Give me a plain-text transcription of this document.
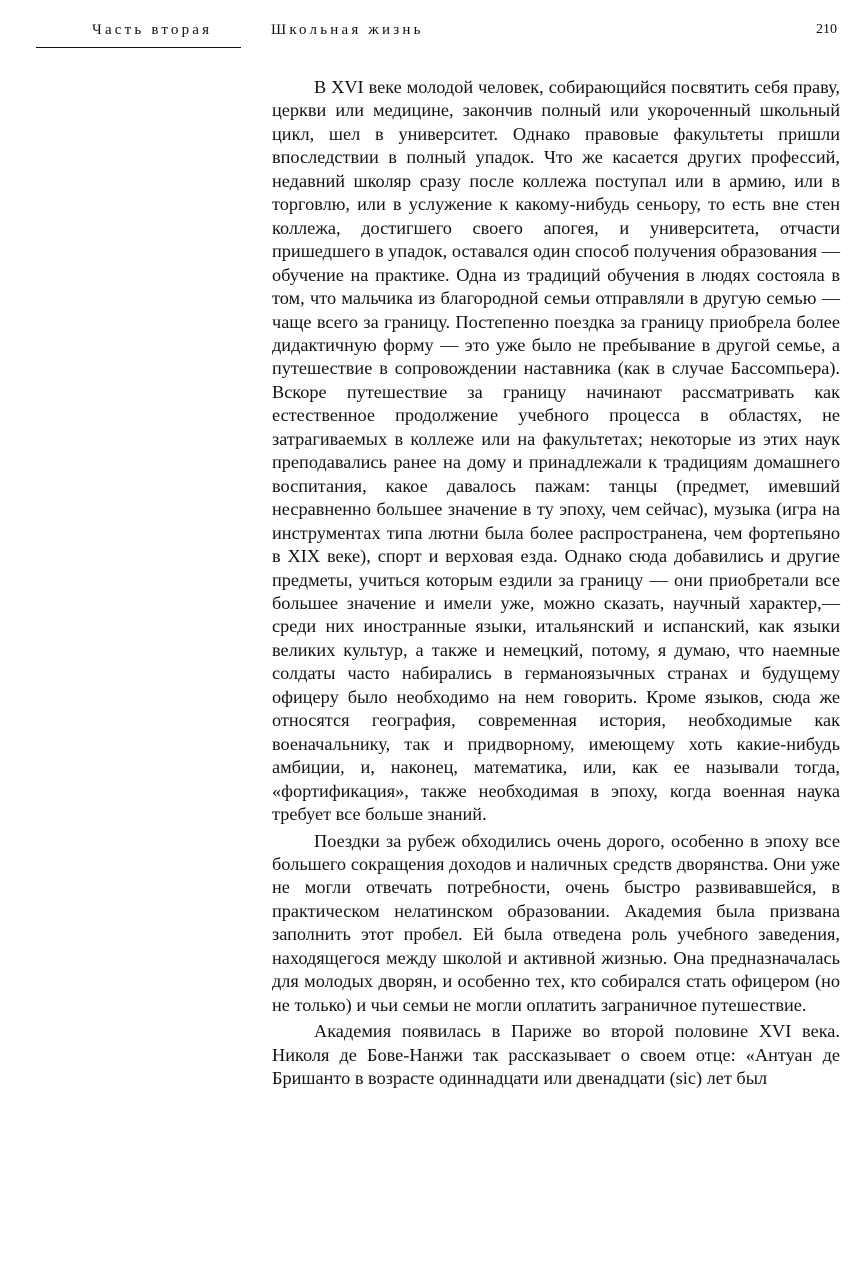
Часть вторая	Школьная жизнь	210

В XVI веке молодой человек, собирающийся посвятить себя праву, церкви или медицине, закончив полный или укороченный школьный цикл, шел в университет. Однако правовые факультеты пришли впоследствии в полный упадок. Что же касается других профессий, недавний школяр сразу после коллежа поступал или в армию, или в торговлю, или в услужение к какому-нибудь сеньору, то есть вне стен коллежа, достигшего своего апогея, и университета, отчасти пришедшего в упадок, оставался один способ получения образования — обучение на практике. Одна из традиций обучения в людях состояла в том, что мальчика из благородной семьи отправляли в другую семью — чаще всего за границу. Постепенно поездка за границу приобрела более дидактичную форму — это уже было не пребывание в другой семье, а путешествие в сопровождении наставника (как в случае Бассомпьера). Вскоре путешествие за границу начинают рассматривать как естественное продолжение учебного процесса в областях, не затрагиваемых в коллеже или на факультетах; некоторые из этих наук преподавались ранее на дому и принадлежали к традициям домашнего воспитания, какое давалось пажам: танцы (предмет, имевший несравненно большее значение в ту эпоху, чем сейчас), музыка (игра на инструментах типа лютни была более распространена, чем фортепьяно в XIX веке), спорт и верховая езда. Однако сюда добавились и другие предметы, учиться которым ездили за границу — они приобретали все большее значение и имели уже, можно сказать, научный характер,— среди них иностранные языки, итальянский и испанский, как языки великих культур, а также и немецкий, потому, я думаю, что наемные солдаты часто набирались в германоязычных странах и будущему офицеру было необходимо на нем говорить. Кроме языков, сюда же относятся география, современная история, необходимые как военачальнику, так и придворному, имеющему хоть какие-нибудь амбиции, и, наконец, математика, или, как ее называли тогда, «фортификация», также необходимая в эпоху, когда военная наука требует все больше знаний.

Поездки за рубеж обходились очень дорого, особенно в эпоху все большего сокращения доходов и наличных средств дворянства. Они уже не могли отвечать потребности, очень быстро развивавшейся, в практическом нелатинском образовании. Академия была призвана заполнить этот пробел. Ей была отведена роль учебного заведения, находящегося между школой и активной жизнью. Она предназначалась для молодых дворян, и особенно тех, кто собирался стать офицером (но не только) и чьи семьи не могли оплатить заграничное путешествие.

Академия появилась в Париже во второй половине XVI века. Николя де Бове-Нанжи так рассказывает о своем отце: «Антуан де Бришанто в возрасте одиннадцати или двенадцати (sic) лет был
